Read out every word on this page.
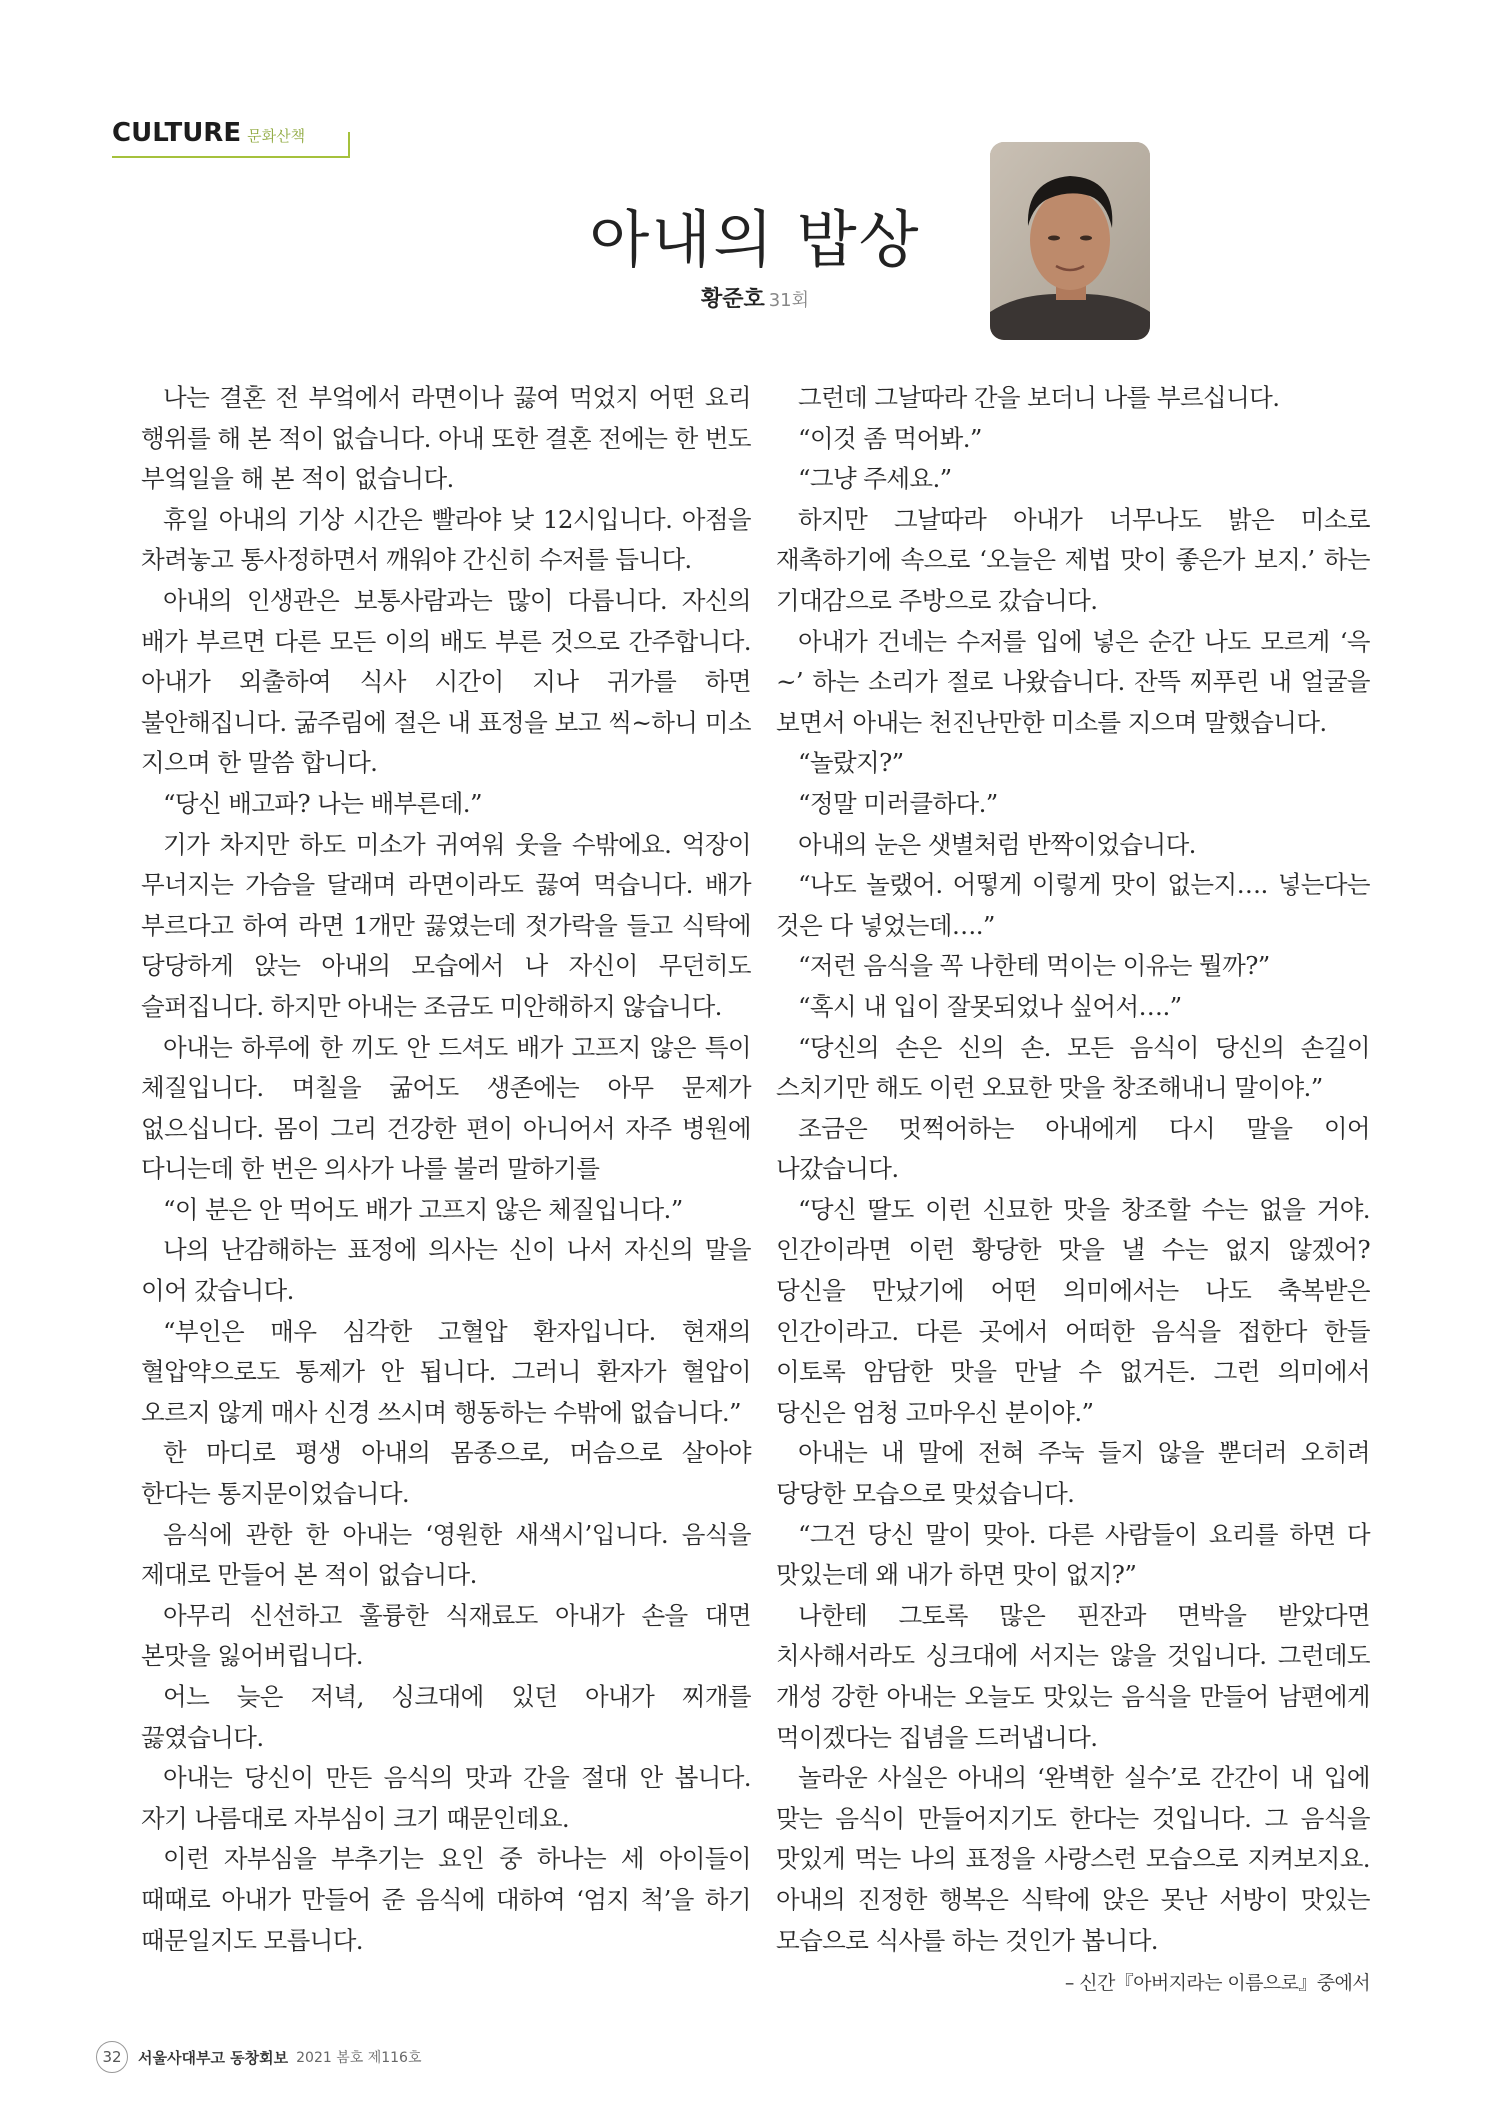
CULTURE 문화산책
아내의 밥상
황준호 31회

나는 결혼 전 부엌에서 라면이나 끓여 먹었지 어떤 요리 행위를 해 본 적이 없습니다. 아내 또한 결혼 전에는 한 번도 부엌일을 해 본 적이 없습니다.

휴일 아내의 기상 시간은 빨라야 낮 12시입니다. 아점을 차려놓고 통사정하면서 깨워야 간신히 수저를 듭니다.

아내의 인생관은 보통사람과는 많이 다릅니다. 자신의 배가 부르면 다른 모든 이의 배도 부른 것으로 간주합니다. 아내가 외출하여 식사 시간이 지나 귀가를 하면 불안해집니다. 굶주림에 절은 내 표정을 보고 씩~하니 미소 지으며 한 말씀 합니다.

“당신 배고파? 나는 배부른데.”

기가 차지만 하도 미소가 귀여워 웃을 수밖에요. 억장이 무너지는 가슴을 달래며 라면이라도 끓여 먹습니다. 배가 부르다고 하여 라면 1개만 끓였는데 젓가락을 들고 식탁에 당당하게 앉는 아내의 모습에서 나 자신이 무던히도 슬퍼집니다. 하지만 아내는 조금도 미안해하지 않습니다.

아내는 하루에 한 끼도 안 드셔도 배가 고프지 않은 특이 체질입니다. 며칠을 굶어도 생존에는 아무 문제가 없으십니다. 몸이 그리 건강한 편이 아니어서 자주 병원에 다니는데 한 번은 의사가 나를 불러 말하기를

“이 분은 안 먹어도 배가 고프지 않은 체질입니다.”

나의 난감해하는 표정에 의사는 신이 나서 자신의 말을 이어 갔습니다.

“부인은 매우 심각한 고혈압 환자입니다. 현재의 혈압약으로도 통제가 안 됩니다. 그러니 환자가 혈압이 오르지 않게 매사 신경 쓰시며 행동하는 수밖에 없습니다.”

한 마디로 평생 아내의 몸종으로, 머슴으로 살아야 한다는 통지문이었습니다.

음식에 관한 한 아내는 ‘영원한 새색시’입니다. 음식을 제대로 만들어 본 적이 없습니다.

아무리 신선하고 훌륭한 식재료도 아내가 손을 대면 본맛을 잃어버립니다.

어느 늦은 저녁, 싱크대에 있던 아내가 찌개를 끓였습니다.

아내는 당신이 만든 음식의 맛과 간을 절대 안 봅니다. 자기 나름대로 자부심이 크기 때문인데요.

이런 자부심을 부추기는 요인 중 하나는 세 아이들이 때때로 아내가 만들어 준 음식에 대하여 ‘엄지 척’을 하기 때문일지도 모릅니다.

그런데 그날따라 간을 보더니 나를 부르십니다.

“이것 좀 먹어봐.”

“그냥 주세요.”

하지만 그날따라 아내가 너무나도 밝은 미소로 재촉하기에 속으로 ‘오늘은 제법 맛이 좋은가 보지.’ 하는 기대감으로 주방으로 갔습니다.

아내가 건네는 수저를 입에 넣은 순간 나도 모르게 ‘윽~’ 하는 소리가 절로 나왔습니다. 잔뜩 찌푸린 내 얼굴을 보면서 아내는 천진난만한 미소를 지으며 말했습니다.

“놀랐지?”

“정말 미러클하다.”

아내의 눈은 샛별처럼 반짝이었습니다.

“나도 놀랬어. 어떻게 이렇게 맛이 없는지…. 넣는다는 것은 다 넣었는데….”

“저런 음식을 꼭 나한테 먹이는 이유는 뭘까?”

“혹시 내 입이 잘못되었나 싶어서….”

“당신의 손은 신의 손. 모든 음식이 당신의 손길이 스치기만 해도 이런 오묘한 맛을 창조해내니 말이야.”

조금은 멋쩍어하는 아내에게 다시 말을 이어 나갔습니다.

“당신 딸도 이런 신묘한 맛을 창조할 수는 없을 거야. 인간이라면 이런 황당한 맛을 낼 수는 없지 않겠어? 당신을 만났기에 어떤 의미에서는 나도 축복받은 인간이라고. 다른 곳에서 어떠한 음식을 접한다 한들 이토록 암담한 맛을 만날 수 없거든. 그런 의미에서 당신은 엄청 고마우신 분이야.”

아내는 내 말에 전혀 주눅 들지 않을 뿐더러 오히려 당당한 모습으로 맞섰습니다.

“그건 당신 말이 맞아. 다른 사람들이 요리를 하면 다 맛있는데 왜 내가 하면 맛이 없지?”

나한테 그토록 많은 핀잔과 면박을 받았다면 치사해서라도 싱크대에 서지는 않을 것입니다. 그런데도 개성 강한 아내는 오늘도 맛있는 음식을 만들어 남편에게 먹이겠다는 집념을 드러냅니다.

놀라운 사실은 아내의 ‘완벽한 실수’로 간간이 내 입에 맞는 음식이 만들어지기도 한다는 것입니다. 그 음식을 맛있게 먹는 나의 표정을 사랑스런 모습으로 지켜보지요. 아내의 진정한 행복은 식탁에 앉은 못난 서방이 맛있는 모습으로 식사를 하는 것인가 봅니다.

– 신간『아버지라는 이름으로』중에서

32	서울사대부고 동창회보 2021 봄호 제116호
